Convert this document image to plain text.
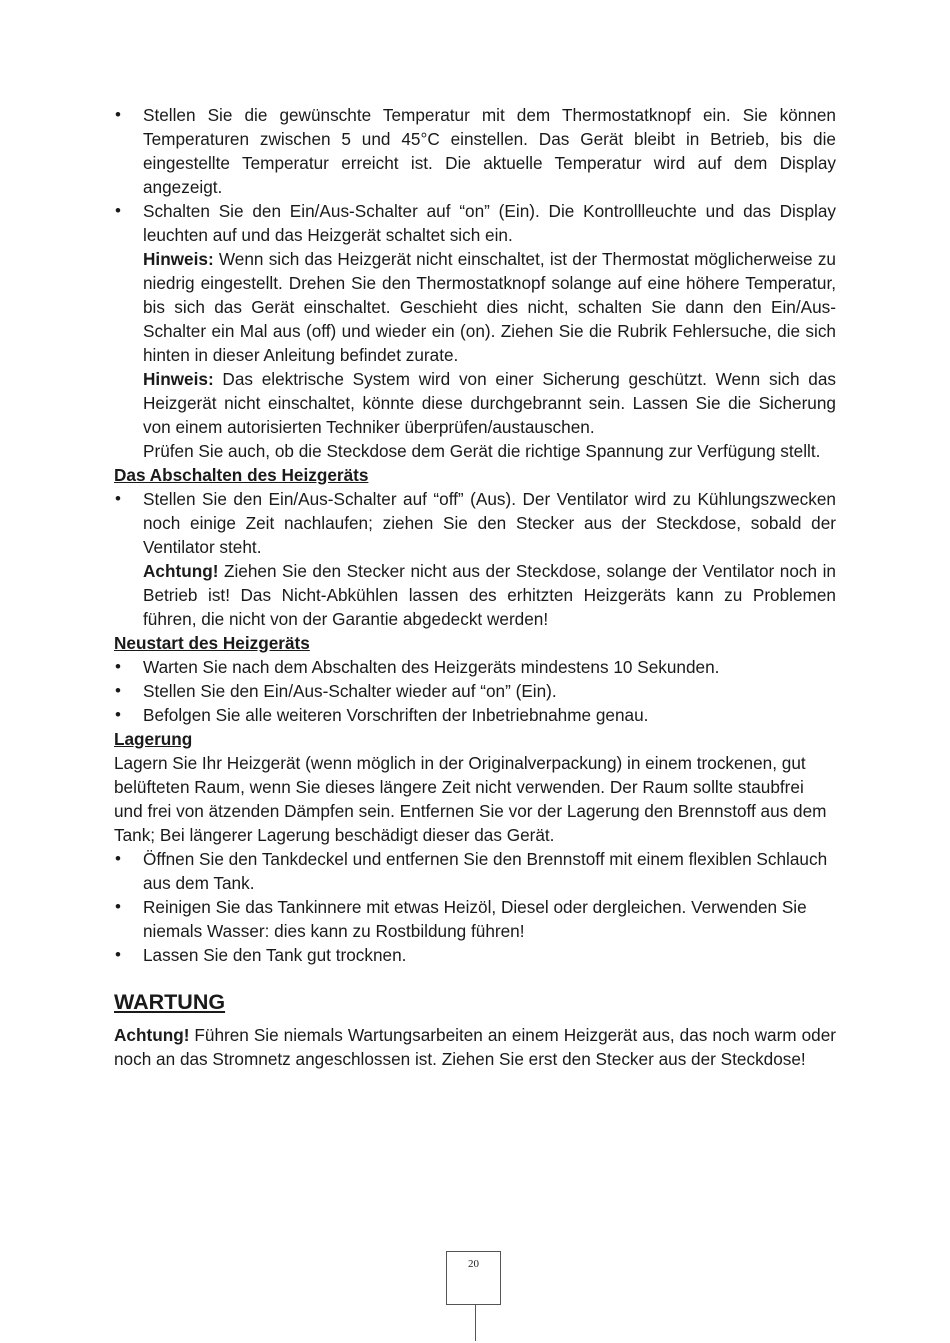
• Stellen Sie die gewünschte Temperatur mit dem Thermostatknopf ein. Sie können Temperaturen zwischen 5 und 45°C einstellen. Das Gerät bleibt in Betrieb, bis die eingestellte Temperatur erreicht ist. Die aktuelle Temperatur wird auf dem Display angezeigt.
• Schalten Sie den Ein/Aus-Schalter auf “on” (Ein). Die Kontrollleuchte und das Display leuchten auf und das Heizgerät schaltet sich ein.

Hinweis: Wenn sich das Heizgerät nicht einschaltet, ist der Thermostat möglicherweise zu niedrig eingestellt. Drehen Sie den Thermostatknopf solange auf eine höhere Temperatur, bis sich das Gerät einschaltet. Geschieht dies nicht, schalten Sie dann den Ein/Aus-Schalter ein Mal aus (off) und wieder ein (on). Ziehen Sie die Rubrik Fehlersuche, die sich hinten in dieser Anleitung befindet zurate.

Hinweis: Das elektrische System wird von einer Sicherung geschützt. Wenn sich das Heizgerät nicht einschaltet, könnte diese durchgebrannt sein. Lassen Sie die Sicherung von einem autorisierten Techniker überprüfen/austauschen.

Prüfen Sie auch, ob die Steckdose dem Gerät die richtige Spannung zur Verfügung stellt.

Das Abschalten des Heizgeräts

• Stellen Sie den Ein/Aus-Schalter auf “off” (Aus). Der Ventilator wird zu Kühlungszwecken noch einige Zeit nachlaufen; ziehen Sie den Stecker aus der Steckdose, sobald der Ventilator steht.

Achtung! Ziehen Sie den Stecker nicht aus der Steckdose, solange der Ventilator noch in Betrieb ist! Das Nicht-Abkühlen lassen des erhitzten Heizgeräts kann zu Problemen führen, die nicht von der Garantie abgedeckt werden!

Neustart des Heizgeräts

• Warten Sie nach dem Abschalten des Heizgeräts mindestens 10 Sekunden.
• Stellen Sie den Ein/Aus-Schalter wieder auf “on” (Ein).
• Befolgen Sie alle weiteren Vorschriften der Inbetriebnahme genau.

Lagerung

Lagern Sie Ihr Heizgerät (wenn möglich in der Originalverpackung) in einem trockenen, gut belüfteten Raum, wenn Sie dieses längere Zeit nicht verwenden. Der Raum sollte staubfrei und frei von ätzenden Dämpfen sein. Entfernen Sie vor der Lagerung den Brennstoff aus dem Tank; Bei längerer Lagerung beschädigt dieser das Gerät.

• Öffnen Sie den Tankdeckel und entfernen Sie den Brennstoff mit einem flexiblen Schlauch aus dem Tank.
• Reinigen Sie das Tankinnere mit etwas Heizöl, Diesel oder dergleichen. Verwenden Sie niemals Wasser: dies kann zu Rostbildung führen!
• Lassen Sie den Tank gut trocknen.

WARTUNG

Achtung! Führen Sie niemals Wartungsarbeiten an einem Heizgerät aus, das noch warm oder noch an das Stromnetz angeschlossen ist. Ziehen Sie erst den Stecker aus der Steckdose!

20
